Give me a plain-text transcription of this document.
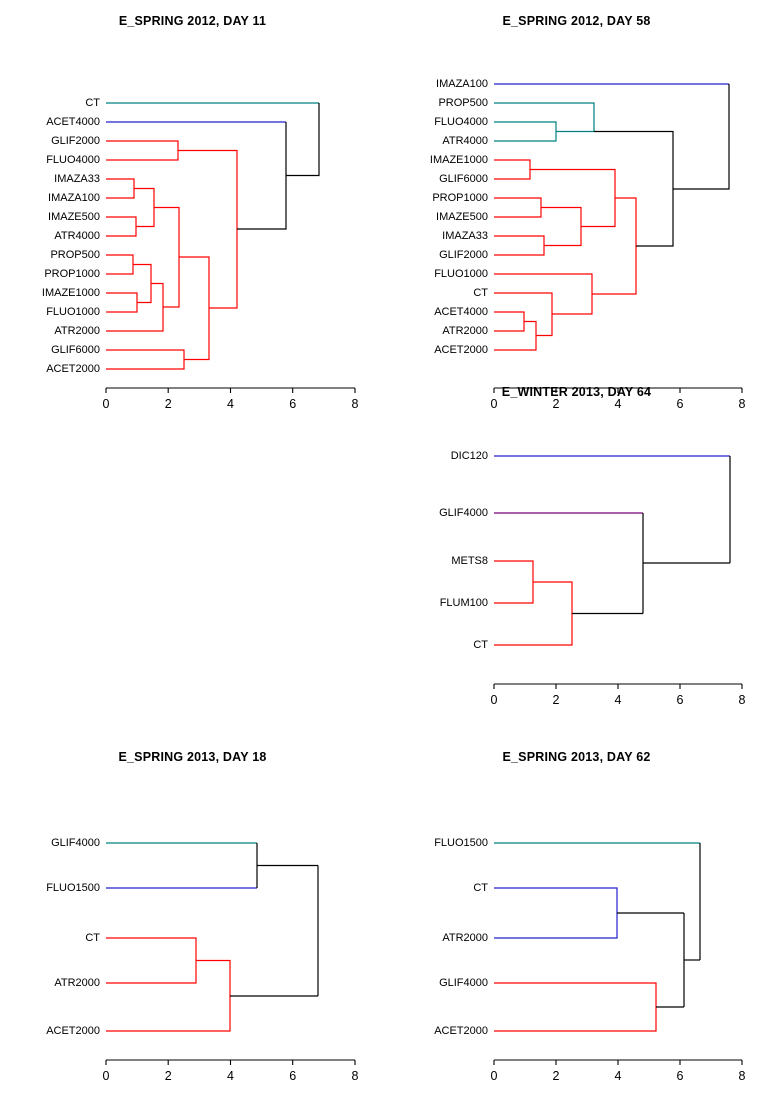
E_SPRING 2012, DAY 11
CT
ACET4000
GLIF2000
FLUO4000
IMAZA33
IMAZA100
IMAZE500
ATR4000
PROP500
PROP1000
IMAZE1000
FLUO1000
ATR2000
GLIF6000
ACET2000
0	2	4	6	8
E_SPRING 2012, DAY 58
IMAZA100
PROP500
FLUO4000
ATR4000
IMAZE1000
GLIF6000
PROP1000
IMAZE500
IMAZA33
GLIF2000
FLUO1000
CT
ACET4000
ATR2000
ACET2000
0	2	4	6	8
E_WINTER 2013, DAY 64
DIC120
GLIF4000
METS8
FLUM100
CT
0	2	4	6	8
E_SPRING 2013, DAY 18
GLIF4000
FLUO1500
CT
ATR2000
ACET2000
0	2	4	6	8
E_SPRING 2013, DAY 62
FLUO1500
CT
ATR2000
GLIF4000
ACET2000
0	2	4	6	8
